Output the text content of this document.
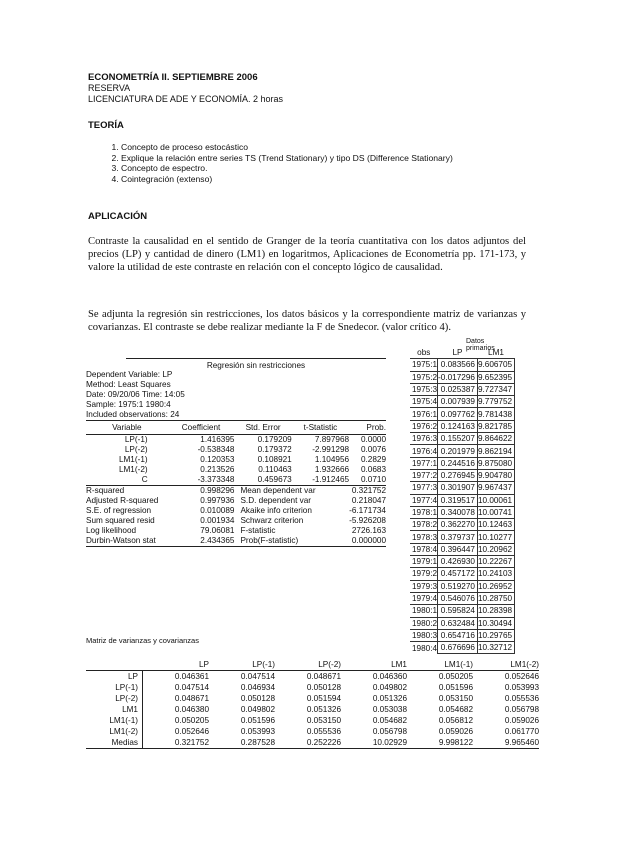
ECONOMETRÍA II. SEPTIEMBRE 2006
RESERVA
LICENCIATURA DE ADE Y ECONOMÍA. 2 horas
TEORÍA
1. Concepto de proceso estocástico
2. Explique la relación entre series TS (Trend Stationary) y tipo DS (Difference Stationary)
3. Concepto de espectro.
4. Cointegración (extenso)
APLICACIÓN
Contraste la causalidad en el sentido de Granger de la teoría cuantitativa con los datos adjuntos del precios (LP) y cantidad de dinero (LM1) en logaritmos, Aplicaciones de Econometría pp. 171-173, y valore la utilidad de este contraste en relación con el concepto lógico de causalidad.
Se adjunta la regresión sin restricciones, los datos básicos y la correspondiente matriz de varianzas y covarianzas. El contraste se debe realizar mediante la F de Snedecor. (valor crítico 4).
Regresión sin restricciones
Dependent Variable: LP
Method: Least Squares
Date: 09/20/06 Time: 14:05
Sample: 1975:1 1980:4
Included observations: 24
Variable	Coefficient	Std. Error	t-Statistic	Prob.
LP(-1)	1.416395	0.179209	7.897968	0.0000
LP(-2)	-0.538348	0.179372	-2.991298	0.0076
LM1(-1)	0.120353	0.108921	1.104956	0.2829
LM1(-2)	0.213526	0.110463	1.932666	0.0683
C	-3.373348	0.459673	-1.912465	0.0710
R-squared	0.998296	Mean dependent var		0.321752
Adjusted R-squared	0.997936	S.D. dependent var		0.218047
S.E. of regression	0.010089	Akaike info criterion		-6.171734
Sum squared resid	0.001934	Schwarz criterion		-5.926208
Log likelihood	79.06081	F-statistic		2726.163
Durbin-Watson stat	2.434365	Prob(F-statistic)		0.000000
Datos primarios
obs	LP	LM1
1975:1	0.083566	9.606705
1975:2	-0.017296	9.652395
1975:3	0.025387	9.727347
1975:4	0.007939	9.779752
1976:1	0.097762	9.781438
1976:2	0.124163	9.821785
1976:3	0.155207	9.864622
1976:4	0.201979	9.862194
1977:1	0.244516	9.875080
1977:2	0.276945	9.904780
1977:3	0.301907	9.967437
1977:4	0.319517	10.00061
1978:1	0.340078	10.00741
1978:2	0.362270	10.12463
1978:3	0.379737	10.10277
1978:4	0.396447	10.20962
1979:1	0.426930	10.22267
1979:2	0.457172	10.24103
1979:3	0.519270	10.26952
1979:4	0.546076	10.28750
1980:1	0.595824	10.28398
1980:2	0.632484	10.30494
1980:3	0.654716	10.29765
1980:4	0.676696	10.32712
Matriz de varianzas y covarianzas
	LP	LP(-1)	LP(-2)	LM1	LM1(-1)	LM1(-2)
LP	0.046361	0.047514	0.048671	0.046360	0.050205	0.052646
LP(-1)	0.047514	0.046934	0.050128	0.049802	0.051596	0.053993
LP(-2)	0.048671	0.050128	0.051594	0.051326	0.053150	0.055536
LM1	0.046380	0.049802	0.051326	0.053038	0.054682	0.056798
LM1(-1)	0.050205	0.051596	0.053150	0.054682	0.056812	0.059026
LM1(-2)	0.052646	0.053993	0.055536	0.056798	0.059026	0.061770
Medias	0.321752	0.287528	0.252226	10.02929	9.998122	9.965460
